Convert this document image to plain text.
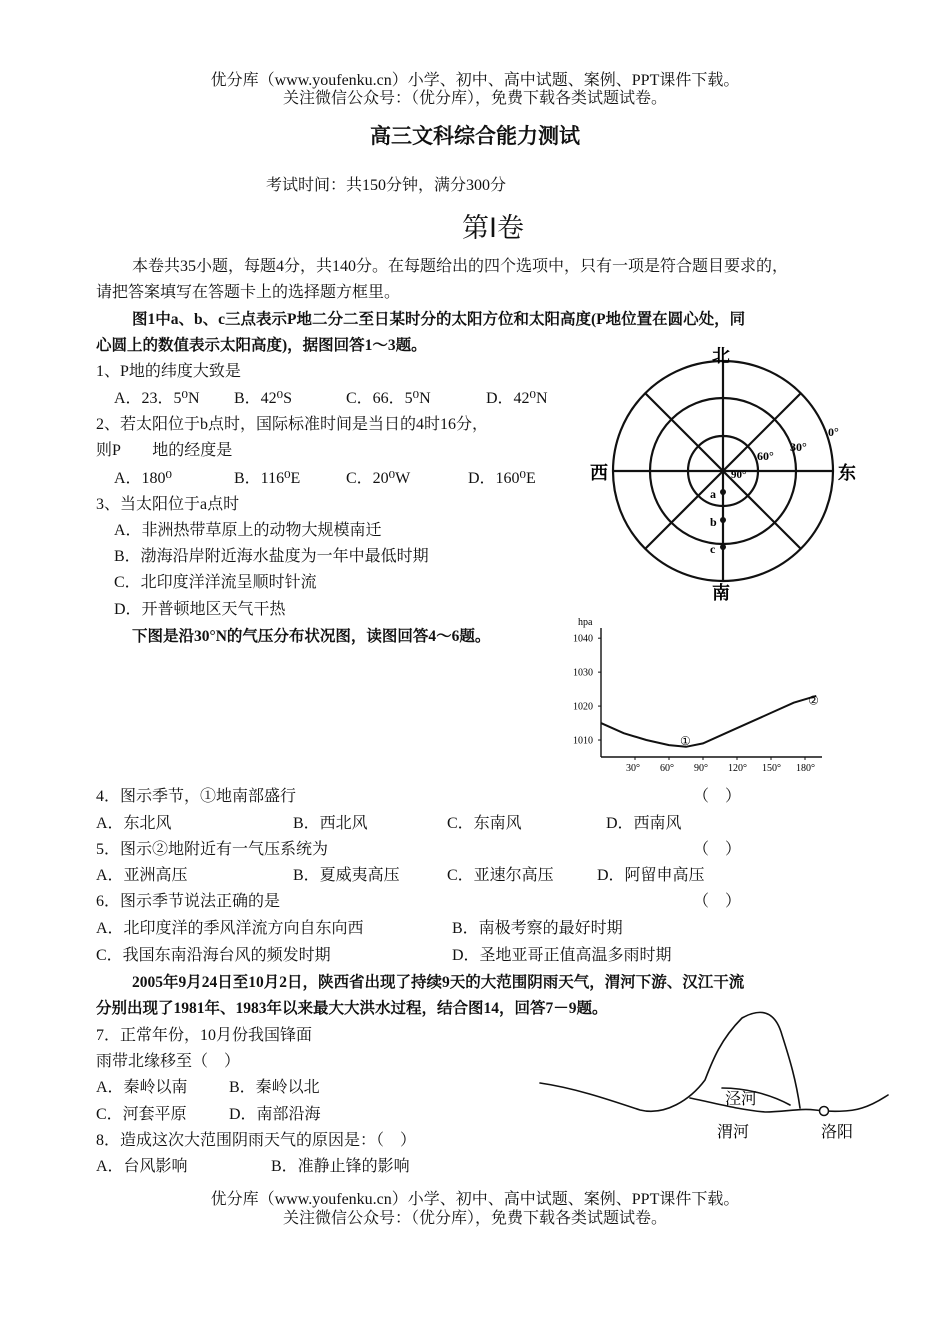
优分库（www.youfenku.cn）小学、初中、高中试题、案例、PPT课件下载。
关注微信公众号：（优分库），免费下载各类试题试卷。
高三文科综合能力测试
考试时间：共150分钟，满分300分
第Ⅰ卷
本卷共35小题，每题4分，共140分。在每题给出的四个选项中，只有一项是符合题目要求的，
请把答案填写在答题卡上的选择题方框里。
图1中a、b、c三点表示P地二分二至日某时分的太阳方位和太阳高度(P地位置在圆心处，同
心圆上的数值表示太阳高度)，据图回答1～3题。
1、P地的纬度大致是
A．23．5⁰N B．42⁰S	C．66．5⁰N	D．42⁰N
2、若太阳位于b点时，国际标准时间是当日的4时16分，
则P　　地的经度是
A．180⁰	B．116⁰E	C．20⁰W	D．160⁰E
3、当太阳位于a点时
A．非洲热带草原上的动物大规模南迁
B．渤海沿岸附近海水盐度为一年中最低时期
C．北印度洋洋流呈顺时针流
D．开普顿地区天气干热
下图是沿30°N的气压分布状况图，读图回答4～6题。
北
南
西	东
0°
30°
60°
90°
a
b
c
hpa
1040
1030
1020
1010
30° 60° 90° 120° 150° 180°
①
②
4．图示季节，①地南部盛行	（　）
A．东北风	B．西北风	C．东南风	D．西南风
5．图示②地附近有一气压系统为	（　）
A．亚洲高压	B．夏威夷高压	C．亚速尔高压	D．阿留申高压
6．图示季节说法正确的是	（　）
A．北印度洋的季风洋流方向自东向西	B．南极考察的最好时期
C．我国东南沿海台风的频发时期	D．圣地亚哥正值高温多雨时期
2005年9月24日至10月2日，陕西省出现了持续9天的大范围阴雨天气，渭河下游、汉江干流
分别出现了1981年、1983年以来最大大洪水过程，结合图14，回答7－9题。
7．正常年份，10月份我国锋面
雨带北缘移至（　）
A．秦岭以南	B．秦岭以北
C．河套平原	D．南部沿海
8．造成这次大范围阴雨天气的原因是：（　）
A．台风影响	B．准静止锋的影响
泾河
渭河	洛阳
优分库（www.youfenku.cn）小学、初中、高中试题、案例、PPT课件下载。
关注微信公众号：（优分库），免费下载各类试题试卷。
